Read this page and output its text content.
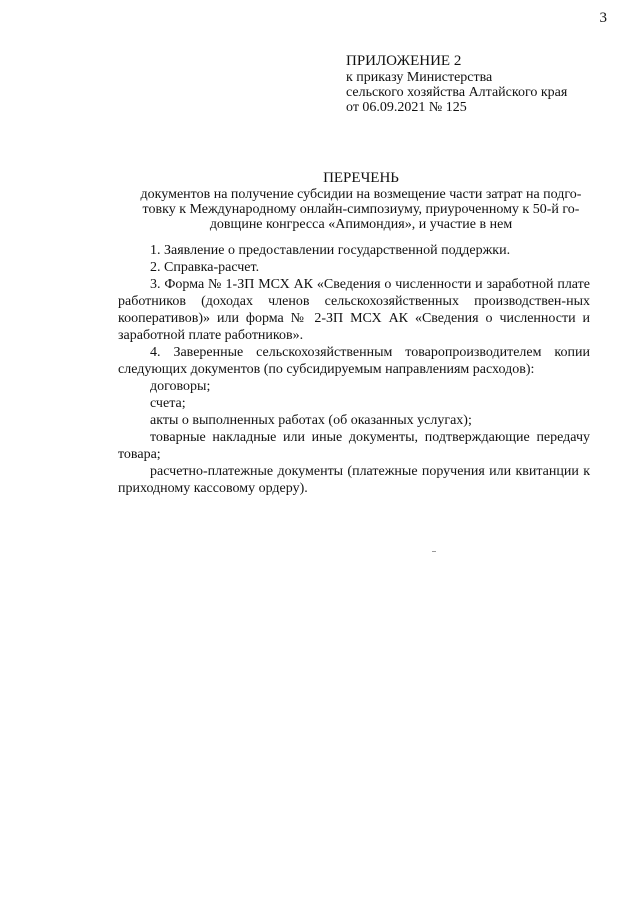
3
ПРИЛОЖЕНИЕ 2
к приказу Министерства
сельского хозяйства Алтайского края
от 06.09.2021 № 125
ПЕРЕЧЕНЬ
документов на получение субсидии на возмещение части затрат на подго-
товку к Международному онлайн-симпозиуму, приуроченному к 50-й го-
довщине конгресса «Апимондия», и участие в нем

1. Заявление о предоставлении государственной поддержки.

2. Справка-расчет.

3. Форма № 1-ЗП МСХ АК «Сведения о численности и заработной плате работников (доходах членов сельскохозяйственных производствен-ных кооперативов)» или форма № 2-ЗП МСХ АК «Сведения о численности и заработной плате работников».

4. Заверенные сельскохозяйственным товаропроизводителем копии следующих документов (по субсидируемым направлениям расходов):

договоры;

счета;

акты о выполненных работах (об оказанных услугах);

товарные накладные или иные документы, подтверждающие передачу товара;

расчетно-платежные документы (платежные поручения или квитанции к приходному кассовому ордеру).
